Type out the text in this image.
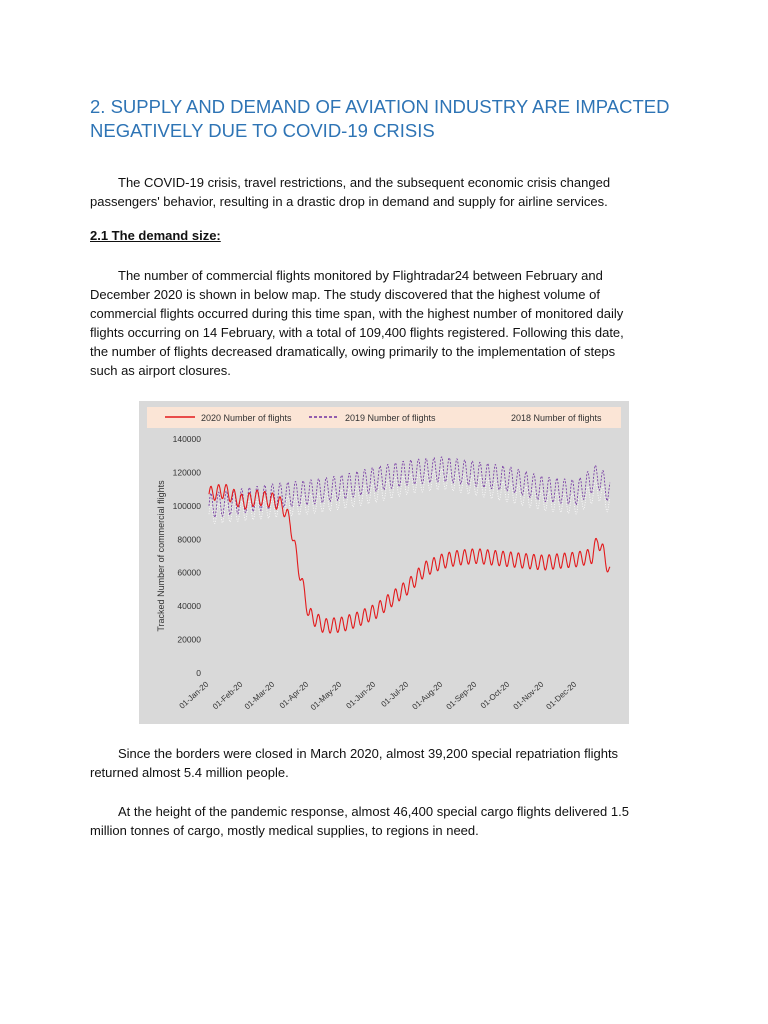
2. SUPPLY AND DEMAND OF AVIATION INDUSTRY ARE IMPACTED
NEGATIVELY DUE TO COVID-19 CRISIS
The COVID-19 crisis, travel restrictions, and the subsequent economic crisis changed
passengers' behavior, resulting in a drastic drop in demand and supply for airline services.
2.1 The demand size:
The number of commercial flights monitored by Flightradar24 between February and
December 2020 is shown in below map. The study discovered that the highest volume of
commercial flights occurred during this time span, with the highest number of monitored daily
flights occurring on 14 February, with a total of 109,400 flights registered. Following this date,
the number of flights decreased dramatically, owing primarily to the implementation of steps
such as airport closures.
2020 Number of flights	2019 Number of flights	2018 Number of flights
0
20000
40000
60000
80000
100000
120000
140000
Tracked Number of commercial flights
01-Jan-20 01-Feb-20
01-Mar-20 01-Apr-20
01-May-20 01-Jun-20 01-Jul-20 01-Aug-20 01-Sep-20 01-Oct-20 01-Nov-20 01-Dec-20
Since the borders were closed in March 2020, almost 39,200 special repatriation flights
returned almost 5.4 million people.
At the height of the pandemic response, almost 46,400 special cargo flights delivered 1.5
million tonnes of cargo, mostly medical supplies, to regions in need.
